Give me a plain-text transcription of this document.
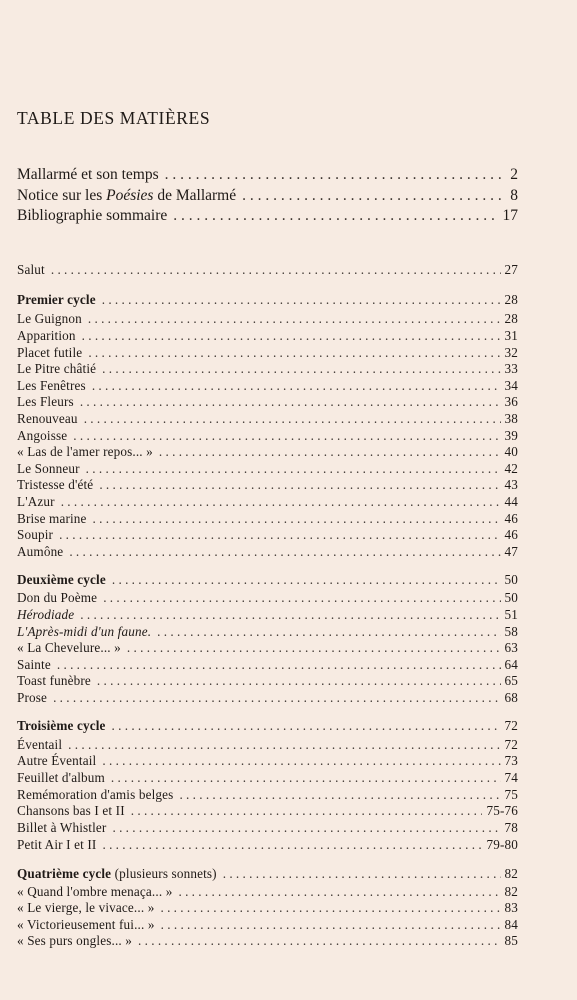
TABLE DES MATIÈRES
Mallarmé et son temps . . .	2
Notice sur les Poésies de Mallarmé . . .	8
Bibliographie sommaire . . .	17
Salut . . .	27
Premier cycle . . .	28
Le Guignon . . .	28
Apparition . . .	31
Placet futile . . .	32
Le Pitre châtié . . .	33
Les Fenêtres . . .	34
Les Fleurs . . .	36
Renouveau . . .	38
Angoisse . . .	39
« Las de l'amer repos... » . . .	40
Le Sonneur . . .	42
Tristesse d'été . . .	43
L'Azur . . .	44
Brise marine . . .	46
Soupir . . .	46
Aumône . . .	47
Deuxième cycle . . .	50
Don du Poème . . .	50
Hérodiade . . .	51
L'Après-midi d'un faune. . . .	58
« La Chevelure... » . . .	63
Sainte . . .	64
Toast funèbre . . .	65
Prose . . .	68
Troisième cycle . . .	72
Éventail . . .	72
Autre Éventail . . .	73
Feuillet d'album . . .	74
Remémoration d'amis belges . . .	75
Chansons bas I et II . . .	75-76
Billet à Whistler . . .	78
Petit Air I et II . . .	79-80
Quatrième cycle (plusieurs sonnets) . . .	82
« Quand l'ombre menaça... » . . .	82
« Le vierge, le vivace... » . . .	83
« Victorieusement fui... » . . .	84
« Ses purs ongles... » . . .	85
